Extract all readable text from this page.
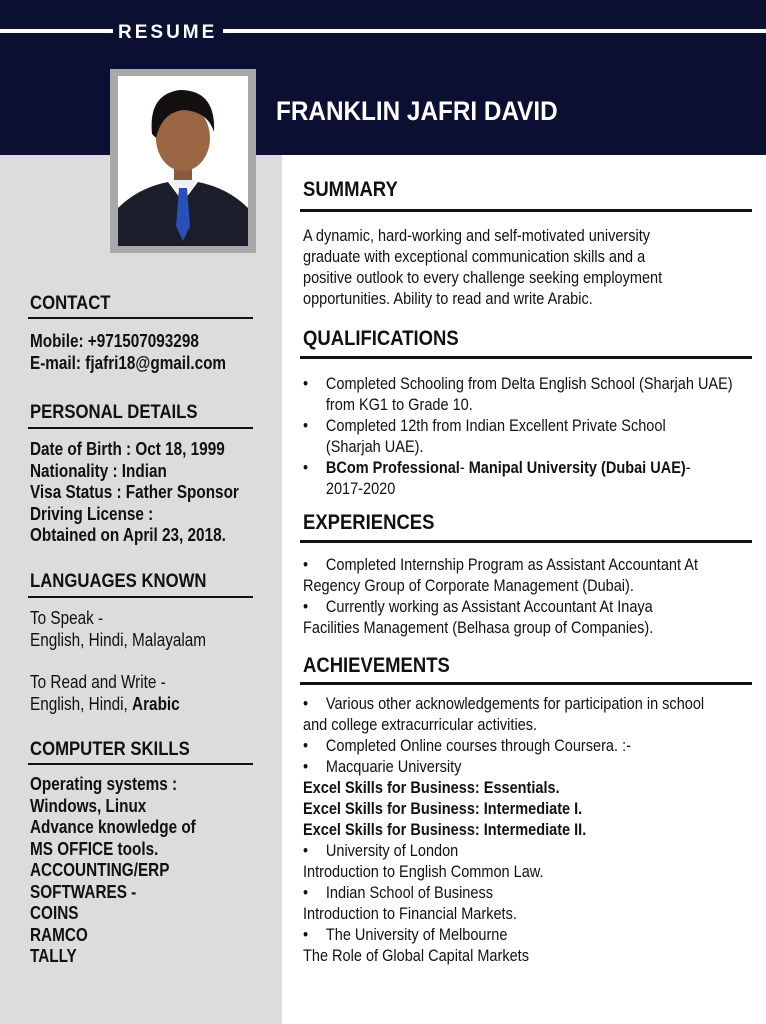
RESUME
FRANKLIN JAFRI DAVID
CONTACT
Mobile: +971507093298
E-mail: fjafri18@gmail.com
PERSONAL DETAILS
Date of Birth : Oct 18, 1999
Nationality : Indian
Visa Status : Father Sponsor
Driving License :
Obtained on April 23, 2018.
LANGUAGES KNOWN
To Speak -
English, Hindi, Malayalam
To Read and Write -
English, Hindi, Arabic
COMPUTER SKILLS
Operating systems :
Windows, Linux
Advance knowledge of
MS OFFICE tools.
ACCOUNTING/ERP
SOFTWARES -
COINS
RAMCO
TALLY
SUMMARY
A dynamic, hard-working and self-motivated university
graduate with exceptional communication skills and a
positive outlook to every challenge seeking employment
opportunities. Ability to read and write Arabic.
QUALIFICATIONS
• Completed Schooling from Delta English School (Sharjah UAE)
from KG1 to Grade 10.
• Completed 12th from Indian Excellent Private School
(Sharjah UAE).
• BCom Professional- Manipal University (Dubai UAE)-
2017-2020
EXPERIENCES
• Completed Internship Program as Assistant Accountant At
Regency Group of Corporate Management (Dubai).
• Currently working as Assistant Accountant At Inaya
Facilities Management (Belhasa group of Companies).
ACHIEVEMENTS
• Various other acknowledgements for participation in school
and college extracurricular activities.
• Completed Online courses through Coursera. :-
• Macquarie University
Excel Skills for Business: Essentials.
Excel Skills for Business: Intermediate I.
Excel Skills for Business: Intermediate II.
• University of London
Introduction to English Common Law.
• Indian School of Business
Introduction to Financial Markets.
• The University of Melbourne
The Role of Global Capital Markets
